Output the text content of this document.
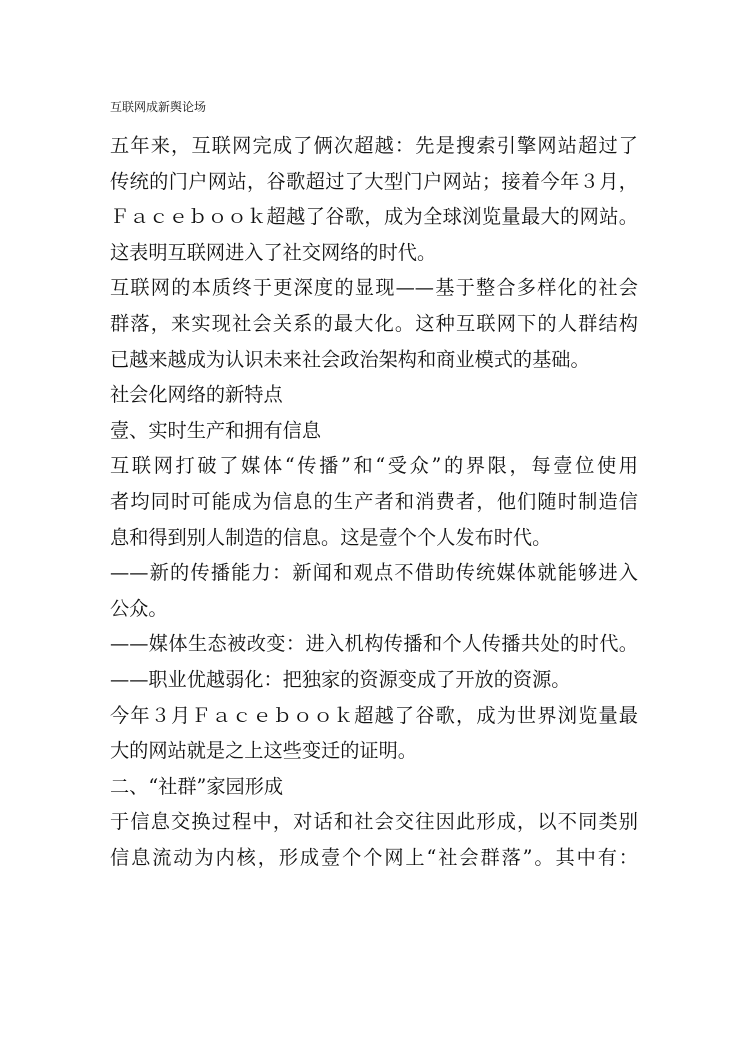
互联网成新舆论场
五年来，互联网完成了俩次超越：先是搜索引擎网站超过了
传统的门户网站，谷歌超过了大型门户网站；接着今年３月，
Ｆａｃｅｂｏｏｋ超越了谷歌，成为全球浏览量最大的网站。
这表明互联网进入了社交网络的时代。
互联网的本质终于更深度的显现——基于整合多样化的社会
群落，来实现社会关系的最大化。这种互联网下的人群结构
已越来越成为认识未来社会政治架构和商业模式的基础。
社会化网络的新特点
壹、实时生产和拥有信息
互联网打破了媒体“传播”和“受众”的界限，每壹位使用
者均同时可能成为信息的生产者和消费者，他们随时制造信
息和得到别人制造的信息。这是壹个个人发布时代。
——新的传播能力：新闻和观点不借助传统媒体就能够进入
公众。
——媒体生态被改变：进入机构传播和个人传播共处的时代。
——职业优越弱化：把独家的资源变成了开放的资源。
今年３月Ｆａｃｅｂｏｏｋ超越了谷歌，成为世界浏览量最
大的网站就是之上这些变迁的证明。
二、“社群”家园形成
于信息交换过程中，对话和社会交往因此形成，以不同类别
信息流动为内核，形成壹个个网上“社会群落”。其中有：
